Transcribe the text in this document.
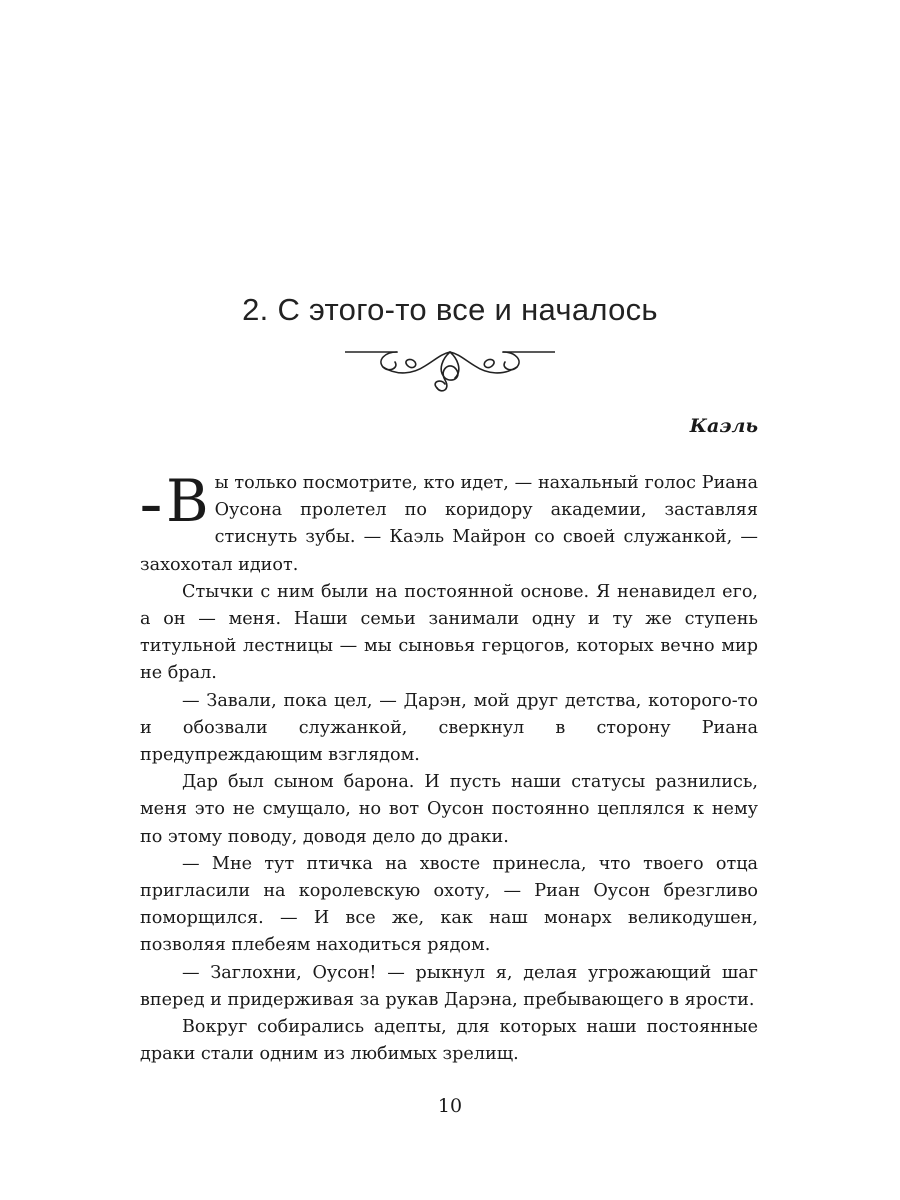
2. С этого-то все и началось
Каэль

– В ы только посмотрите, кто идет, — нахальный голос Риана Оусона пролетел по коридору академии, заставляя стиснуть зубы. — Каэль Майрон со своей служанкой, — захохотал идиот.

Стычки с ним были на постоянной основе. Я ненавидел его, а он — меня. Наши семьи занимали одну и ту же ступень титульной лестницы — мы сыновья герцогов, которых вечно мир не брал.

— Завали, пока цел, — Дарэн, мой друг детства, которого-то и обозвали служанкой, сверкнул в сторону Риана предупреждающим взглядом.

Дар был сыном барона. И пусть наши статусы разнились, меня это не смущало, но вот Оусон постоянно цеплялся к нему по этому поводу, доводя дело до драки.

— Мне тут птичка на хвосте принесла, что твоего отца пригласили на королевскую охоту, — Риан Оусон брезгливо поморщился. — И все же, как наш монарх великодушен, позволяя плебеям находиться рядом.

— Заглохни, Оусон! — рыкнул я, делая угрожающий шаг вперед и придерживая за рукав Дарэна, пребывающего в ярости.

Вокруг собирались адепты, для которых наши постоянные драки стали одним из любимых зрелищ.

10
